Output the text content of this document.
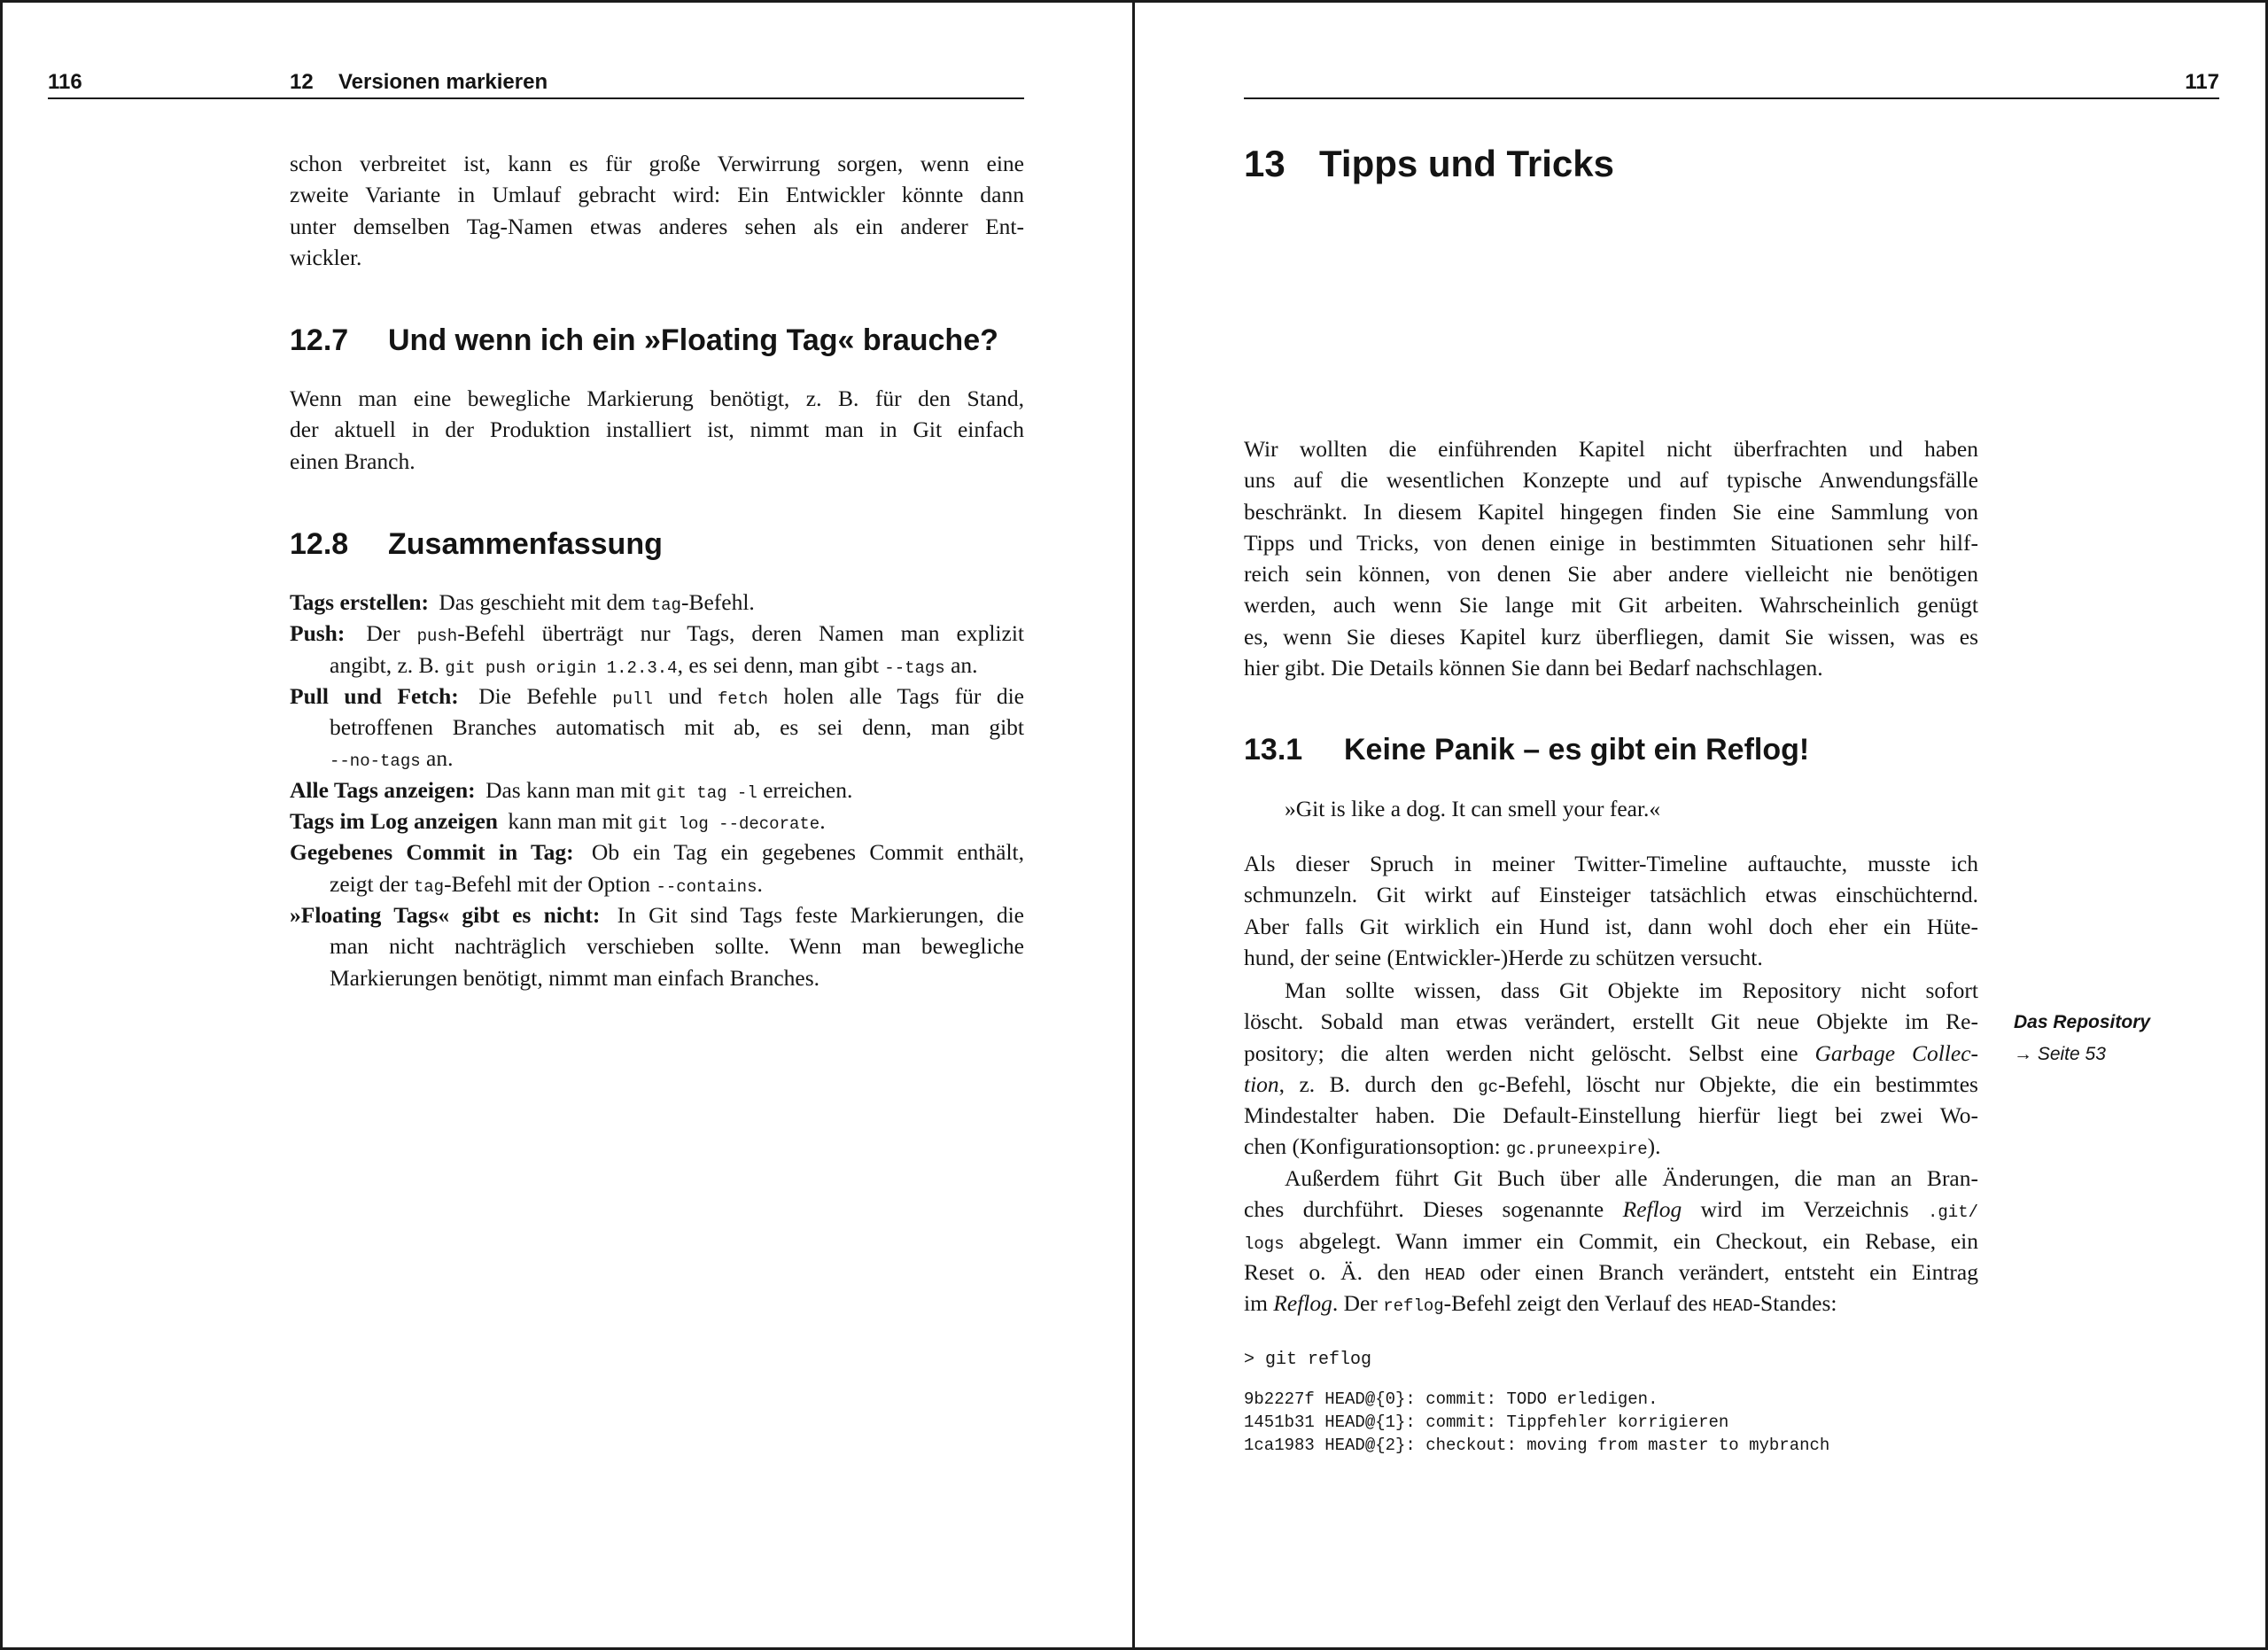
116	12 Versionen markieren
schon verbreitet ist, kann es für große Verwirrung sorgen, wenn eine
zweite Variante in Umlauf gebracht wird: Ein Entwickler könnte dann
unter demselben Tag-Namen etwas anderes sehen als ein anderer Ent-
wickler.
12.7 Und wenn ich ein »Floating Tag« brauche?
Wenn man eine bewegliche Markierung benötigt, z. B. für den Stand,
der aktuell in der Produktion installiert ist, nimmt man in Git einfach
einen Branch.
12.8 Zusammenfassung
Tags erstellen: Das geschieht mit dem tag-Befehl.
Push: Der push-Befehl überträgt nur Tags, deren Namen man explizit
angibt, z. B. git push origin 1.2.3.4, es sei denn, man gibt --tags an.
Pull und Fetch: Die Befehle pull und fetch holen alle Tags für die
betroffenen Branches automatisch mit ab, es sei denn, man gibt
--no-tags an.
Alle Tags anzeigen: Das kann man mit git tag -l erreichen.
Tags im Log anzeigen kann man mit git log --decorate.
Gegebenes Commit in Tag: Ob ein Tag ein gegebenes Commit enthält,
zeigt der tag-Befehl mit der Option --contains.
»Floating Tags« gibt es nicht: In Git sind Tags feste Markierungen, die
man nicht nachträglich verschieben sollte. Wenn man bewegliche
Markierungen benötigt, nimmt man einfach Branches.
117
13 Tipps und Tricks
Wir wollten die einführenden Kapitel nicht überfrachten und haben
uns auf die wesentlichen Konzepte und auf typische Anwendungsfälle
beschränkt. In diesem Kapitel hingegen finden Sie eine Sammlung von
Tipps und Tricks, von denen einige in bestimmten Situationen sehr hilf-
reich sein können, von denen Sie aber andere vielleicht nie benötigen
werden, auch wenn Sie lange mit Git arbeiten. Wahrscheinlich genügt
es, wenn Sie dieses Kapitel kurz überfliegen, damit Sie wissen, was es
hier gibt. Die Details können Sie dann bei Bedarf nachschlagen.
13.1 Keine Panik – es gibt ein Reflog!
»Git is like a dog. It can smell your fear.«
Als dieser Spruch in meiner Twitter-Timeline auftauchte, musste ich
schmunzeln. Git wirkt auf Einsteiger tatsächlich etwas einschüchternd.
Aber falls Git wirklich ein Hund ist, dann wohl doch eher ein Hüte-
hund, der seine (Entwickler-)Herde zu schützen versucht.
Man sollte wissen, dass Git Objekte im Repository nicht sofort
löscht. Sobald man etwas verändert, erstellt Git neue Objekte im Re-
pository; die alten werden nicht gelöscht. Selbst eine Garbage Collec-
tion, z. B. durch den gc-Befehl, löscht nur Objekte, die ein bestimmtes
Mindestalter haben. Die Default-Einstellung hierfür liegt bei zwei Wo-
chen (Konfigurationsoption: gc.pruneexpire).
Außerdem führt Git Buch über alle Änderungen, die man an Bran-
ches durchführt. Dieses sogenannte Reflog wird im Verzeichnis .git/
logs abgelegt. Wann immer ein Commit, ein Checkout, ein Rebase, ein
Reset o. Ä. den HEAD oder einen Branch verändert, entsteht ein Eintrag
im Reflog. Der reflog-Befehl zeigt den Verlauf des HEAD-Standes:
> git reflog
9b2227f HEAD@{0}: commit: TODO erledigen.
1451b31 HEAD@{1}: commit: Tippfehler korrigieren
1ca1983 HEAD@{2}: checkout: moving from master to mybranch
Das Repository
→ Seite 53
